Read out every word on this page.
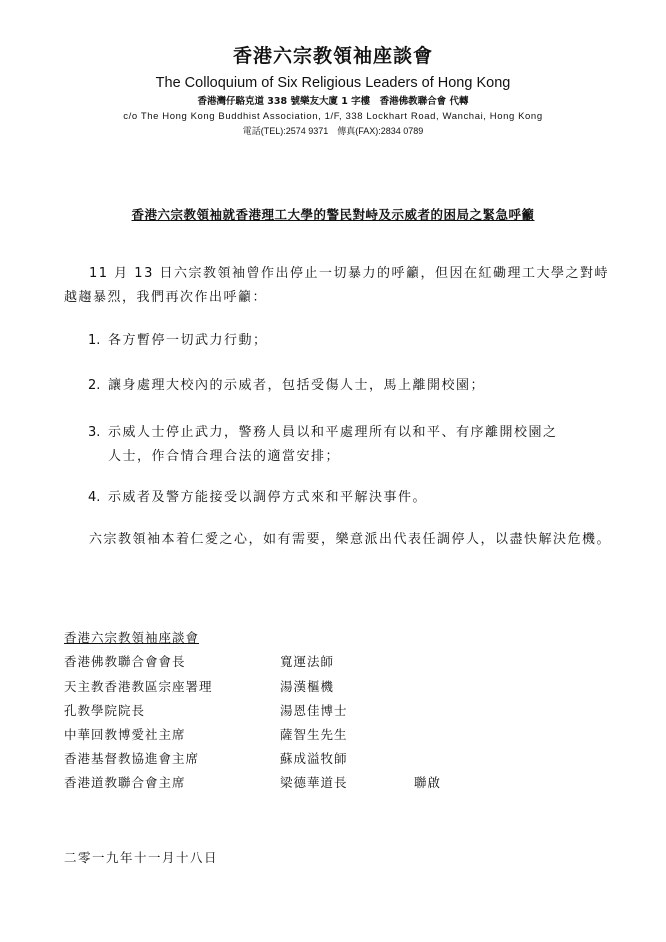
香港六宗教領袖座談會
The Colloquium of Six Religious Leaders of Hong Kong
香港灣仔駱克道 338 號樂友大廈 1 字樓　香港佛教聯合會 代轉
c/o The Hong Kong Buddhist Association, 1/F, 338 Lockhart Road, Wanchai, Hong Kong
電話(TEL):2574 9371　傳真(FAX):2834 0789
香港六宗教領袖就香港理工大學的警民對峙及示威者的困局之緊急呼籲
11 月 13 日六宗教領袖曾作出停止一切暴力的呼籲，但因在紅磡理工大學之對峙越趨暴烈，我們再次作出呼籲：
1. 各方暫停一切武力行動；
2. 讓身處理大校內的示威者，包括受傷人士，馬上離開校園；
3. 示威人士停止武力，警務人員以和平處理所有以和平、有序離開校園之
人士，作合情合理合法的適當安排；
4. 示威者及警方能接受以調停方式來和平解決事件。
六宗教領袖本着仁愛之心，如有需要，樂意派出代表任調停人，以盡快解決危機。
香港六宗教領袖座談會
香港佛教聯合會會長	寬運法師
天主教香港教區宗座署理	湯漢樞機
孔教學院院長	湯恩佳博士
中華回教博愛社主席	薩智生先生
香港基督教協進會主席	蘇成溢牧師
香港道教聯合會主席	梁德華道長	聯啟
二零一九年十一月十八日
